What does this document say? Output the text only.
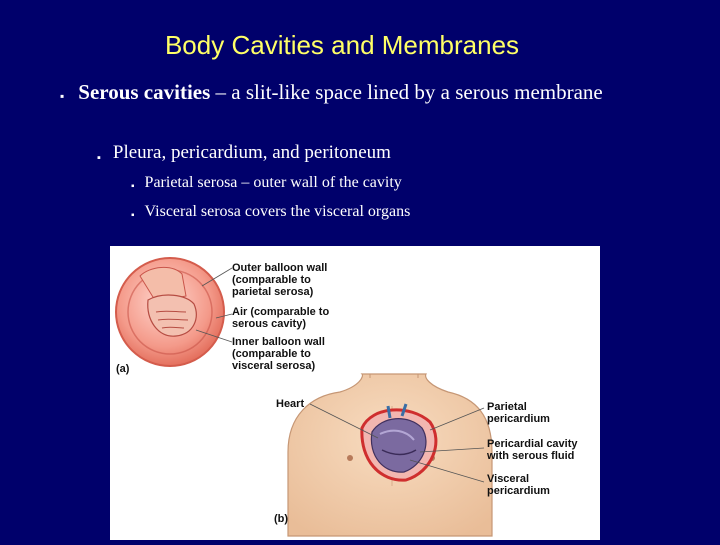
Body Cavities and Membranes
▪ Serous cavities – a slit-like space lined by a serous membrane
▪ Pleura, pericardium, and peritoneum
▪ Parietal serosa – outer wall of the cavity
▪ Visceral serosa covers the visceral organs
(a)
(b)
Outer balloon wall
(comparable to
parietal serosa)
Air (comparable to
serous cavity)
Inner balloon wall
(comparable to
visceral serosa)
Heart	Parietal
pericardium
Pericardial cavity
with serous fluid
Visceral
pericardium
